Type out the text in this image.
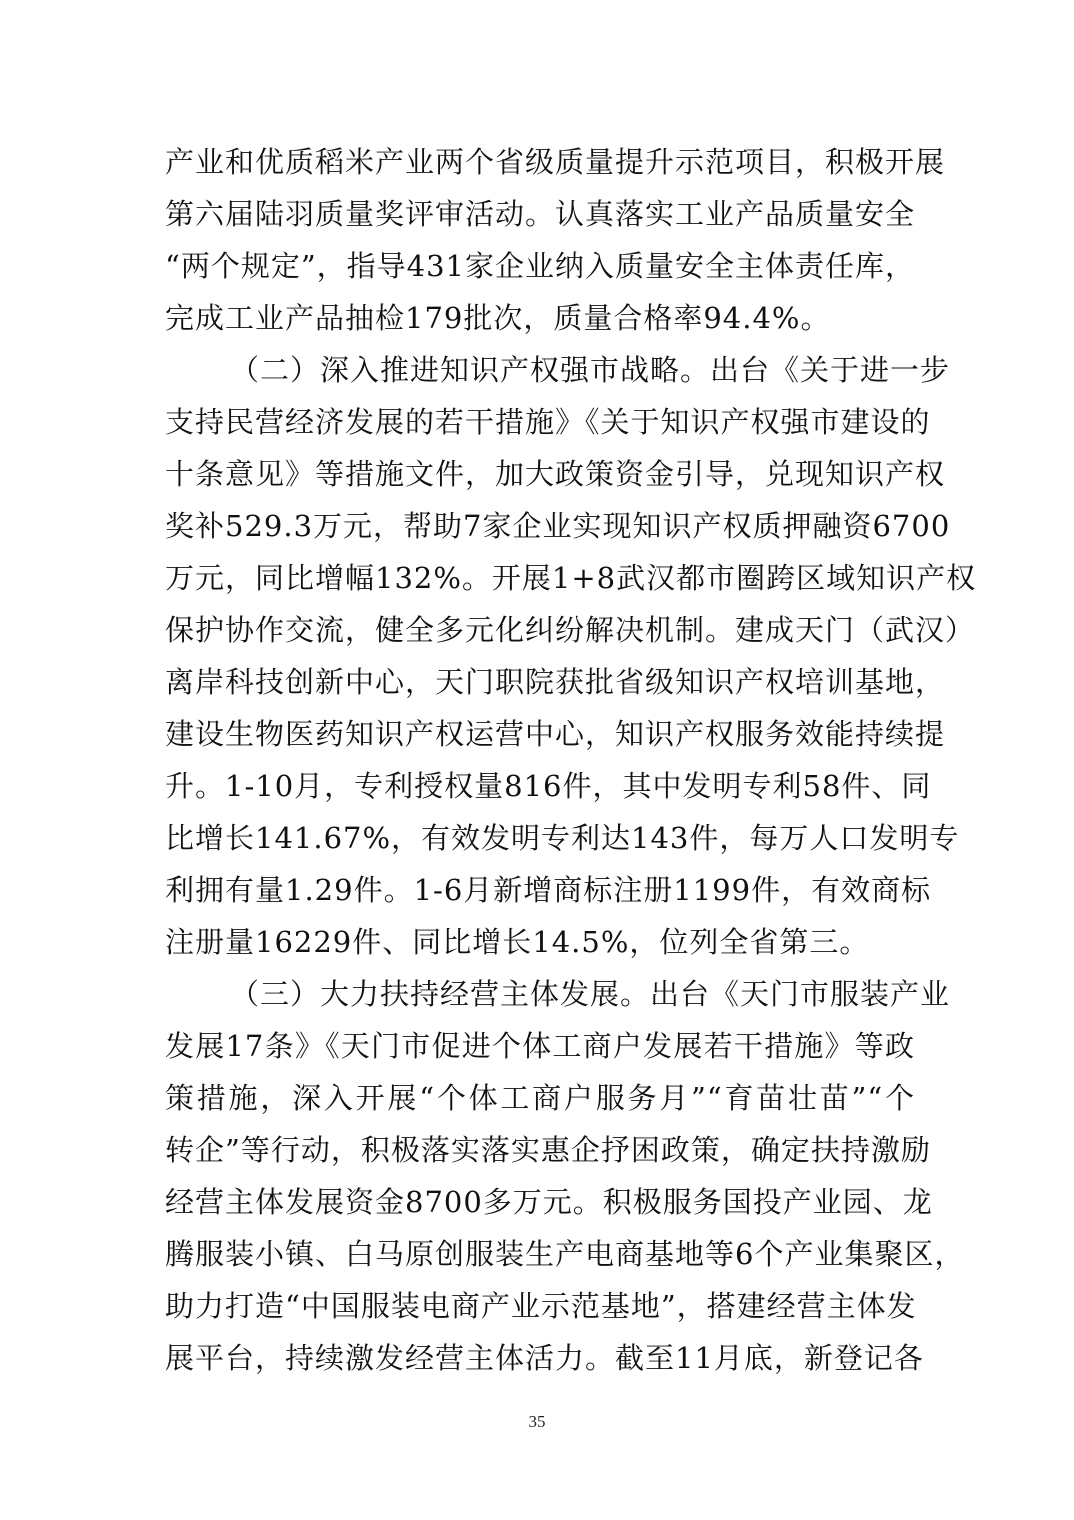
产业和优质稻米产业两个省级质量提升示范项目，积极开展
第六届陆羽质量奖评审活动。认真落实工业产品质量安全
“两个规定”，指导431家企业纳入质量安全主体责任库，
完成工业产品抽检179批次，质量合格率94.4%。
（二）深入推进知识产权强市战略。出台《关于进一步
支持民营经济发展的若干措施》《关于知识产权强市建设的
十条意见》等措施文件，加大政策资金引导，兑现知识产权
奖补529.3万元，帮助7家企业实现知识产权质押融资6700
万元，同比增幅132%。开展1+8武汉都市圈跨区域知识产权
保护协作交流，健全多元化纠纷解决机制。建成天门（武汉）
离岸科技创新中心，天门职院获批省级知识产权培训基地，
建设生物医药知识产权运营中心，知识产权服务效能持续提
升。1-10月，专利授权量816件，其中发明专利58件、同
比增长141.67%，有效发明专利达143件，每万人口发明专
利拥有量1.29件。1-6月新增商标注册1199件，有效商标
注册量16229件、同比增长14.5%，位列全省第三。
（三）大力扶持经营主体发展。出台《天门市服装产业
发展17条》《天门市促进个体工商户发展若干措施》等政
策措施，深入开展“个体工商户服务月”“育苗壮苗”“个
转企”等行动，积极落实落实惠企抒困政策，确定扶持激励
经营主体发展资金8700多万元。积极服务国投产业园、龙
腾服装小镇、白马原创服装生产电商基地等6个产业集聚区，
助力打造“中国服装电商产业示范基地”，搭建经营主体发
展平台，持续激发经营主体活力。截至11月底，新登记各
35
